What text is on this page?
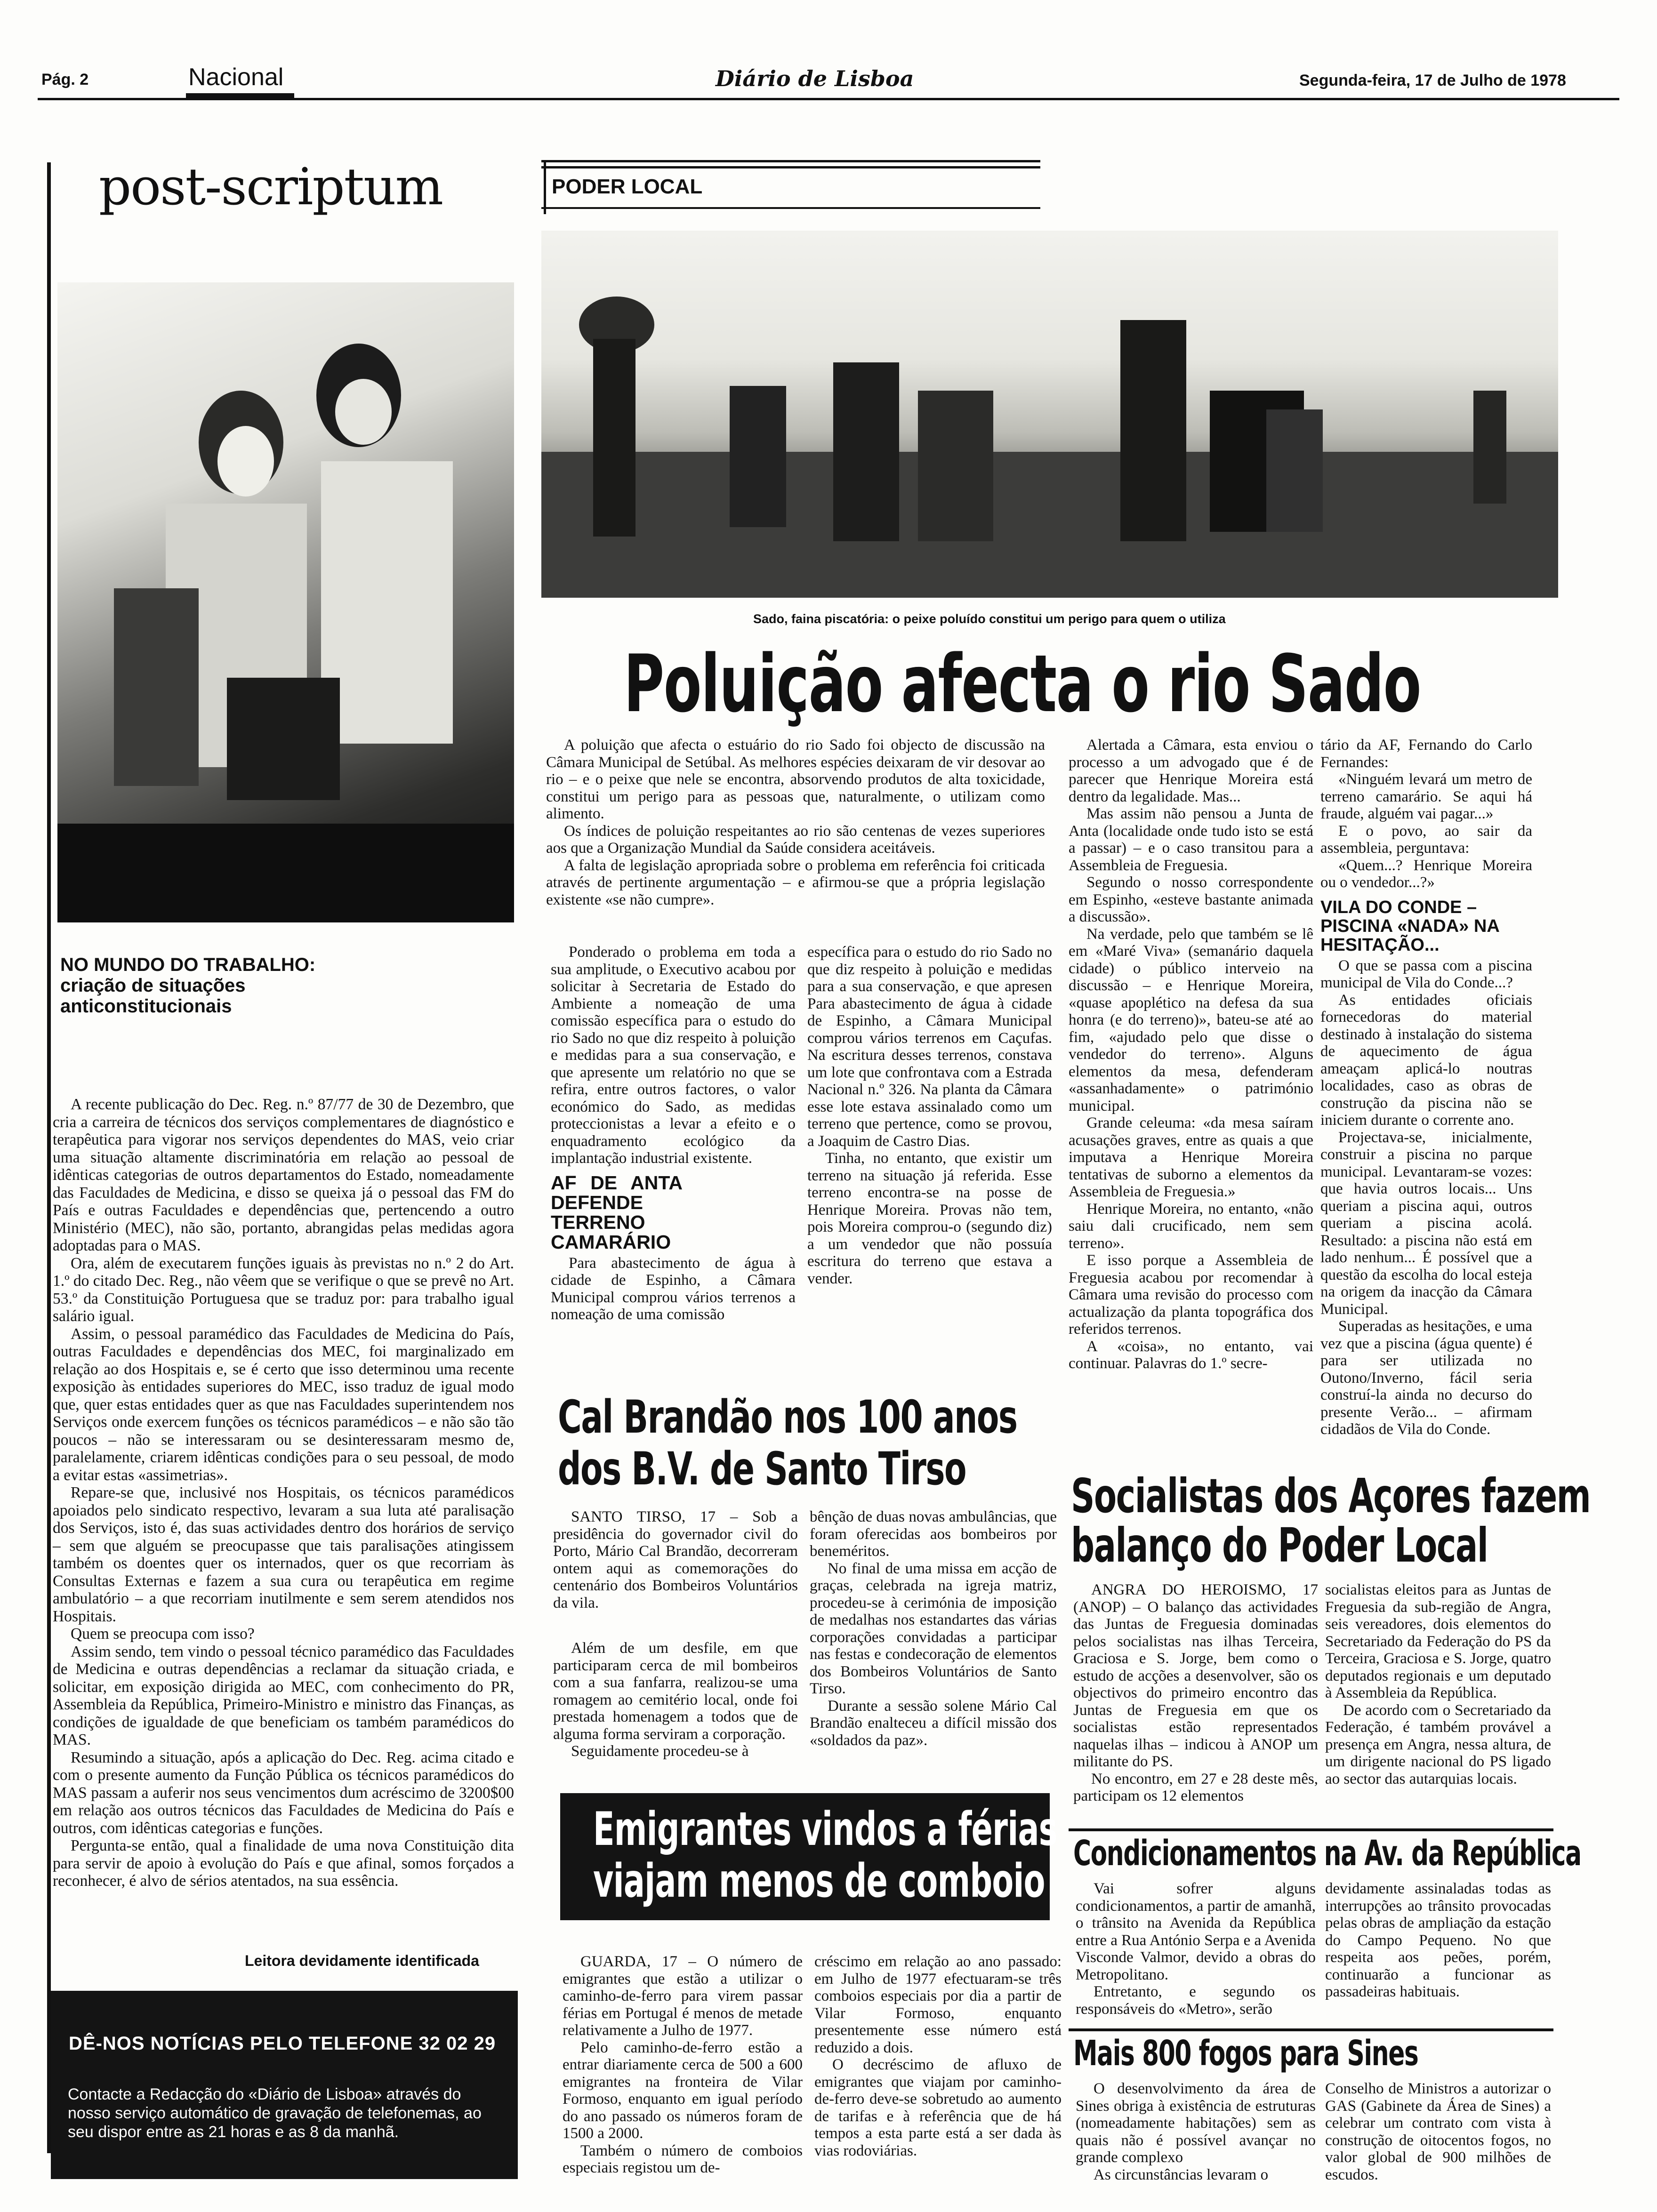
Pág. 2	Nacional	Diário de Lisboa	Segunda-feira, 17 de Julho de 1978
post-scriptum
NO MUNDO DO TRABALHO:
criação de situações anticonstitucionais

A recente publicação do Dec. Reg. n.º 87/77 de 30 de Dezembro, que cria a carreira de técnicos dos serviços complementares de diagnóstico e terapêutica para vigorar nos serviços dependentes do MAS, veio criar uma situação altamente discriminatória em relação ao pessoal de idênticas categorias de outros departamentos do Estado, nomeadamente das Faculdades de Medicina, e disso se queixa já o pessoal das FM do País e outras Faculdades e dependências que, pertencendo a outro Ministério (MEC), não são, portanto, abrangidas pelas medidas agora adoptadas para o MAS.

Ora, além de executarem funções iguais às previstas no n.º 2 do Art. 1.º do citado Dec. Reg., não vêem que se verifique o que se prevê no Art. 53.º da Constituição Portuguesa que se traduz por: para trabalho igual salário igual.

Assim, o pessoal paramédico das Faculdades de Medicina do País, outras Faculdades e dependências dos MEC, foi marginalizado em relação ao dos Hospitais e, se é certo que isso determinou uma recente exposição às entidades superiores do MEC, isso traduz de igual modo que, quer estas entidades quer as que nas Faculdades superintendem nos Serviços onde exercem funções os técnicos paramédicos – e não são tão poucos – não se interessaram ou se desinteressaram mesmo de, paralelamente, criarem idênticas condições para o seu pessoal, de modo a evitar estas «assimetrias».

Repare-se que, inclusivé nos Hospitais, os técnicos paramédicos apoiados pelo sindicato respectivo, levaram a sua luta até paralisação dos Serviços, isto é, das suas actividades dentro dos horários de serviço – sem que alguém se preocupasse que tais paralisações atingissem também os doentes quer os internados, quer os que recorriam às Consultas Externas e fazem a sua cura ou terapêutica em regime ambulatório – a que recorriam inutilmente e sem serem atendidos nos Hospitais.

Quem se preocupa com isso?

Assim sendo, tem vindo o pessoal técnico paramédico das Faculdades de Medicina e outras dependências a reclamar da situação criada, e solicitar, em exposição dirigida ao MEC, com conhecimento do PR, Assembleia da República, Primeiro-Ministro e ministro das Finanças, as condições de igualdade de que beneficiam os também paramédicos do MAS.

Resumindo a situação, após a aplicação do Dec. Reg. acima citado e com o presente aumento da Função Pública os técnicos paramédicos do MAS passam a auferir nos seus vencimentos dum acréscimo de 3200$00 em relação aos outros técnicos das Faculdades de Medicina do País e outros, com idênticas categorias e funções.

Pergunta-se então, qual a finalidade de uma nova Constituição dita para servir de apoio à evolução do País e que afinal, somos forçados a reconhecer, é alvo de sérios atentados, na sua essência.

Leitora devidamente identificada
DÊ-NOS NOTÍCIAS PELO TELEFONE 32 02 29
Contacte a Redacção do «Diário de Lisboa» através do nosso serviço automático de gravação de telefonemas, ao seu dispor entre as 21 horas e as 8 da manhã.
PODER LOCAL
Sado, faina piscatória: o peixe poluído constitui um perigo para quem o utiliza
Poluição afecta o rio Sado

A poluição que afecta o estuário do rio Sado foi objecto de discussão na Câmara Municipal de Setúbal. As melhores espécies deixaram de vir desovar ao rio – e o peixe que nele se encontra, absorvendo produtos de alta toxicidade, constitui um perigo para as pessoas que, naturalmente, o utilizam como alimento.

Os índices de poluição respeitantes ao rio são centenas de vezes superiores aos que a Organização Mundial da Saúde considera aceitáveis.

A falta de legislação apropriada sobre o problema em referência foi criticada através de pertinente argumentação – e afirmou-se que a própria legislação existente «se não cumpre».

Ponderado o problema em toda a sua amplitude, o Executivo acabou por solicitar à Secretaria de Estado do Ambiente a nomeação de uma comissão específica para o estudo do rio Sado no que diz respeito à poluição e medidas para a sua conservação, e que apresente um relatório no que se refira, entre outros factores, o valor económico do Sado, as medidas proteccionistas a levar a efeito e o enquadramento ecológico da implantação industrial existente.

AF DE ANTA DEFENDE TERRENO CAMARÁRIO

Para abastecimento de água à cidade de Espinho, a Câmara Municipal comprou vários terrenos a nomeação de uma comissão

específica para o estudo do rio Sado no que diz respeito à poluição e medidas para a sua conservação, e que apresen Para abastecimento de água à cidade de Espinho, a Câmara Municipal comprou vários terrenos em Caçufas. Na escritura desses terrenos, constava um lote que confrontava com a Estrada Nacional n.º 326. Na planta da Câmara esse lote estava assinalado como um terreno que pertence, como se provou, a Joaquim de Castro Dias.

Tinha, no entanto, que existir um terreno na situação já referida. Esse terreno encontra-se na posse de Henrique Moreira. Provas não tem, pois Moreira comprou-o (segundo diz) a um vendedor que não possuía escritura do terreno que estava a vender.

Alertada a Câmara, esta enviou o processo a um advogado que é de parecer que Henrique Moreira está dentro da legalidade. Mas...

Mas assim não pensou a Junta de Anta (localidade onde tudo isto se está a passar) – e o caso transitou para a Assembleia de Freguesia.

Segundo o nosso correspondente em Espinho, «esteve bastante animada a discussão».

Na verdade, pelo que também se lê em «Maré Viva» (semanário daquela cidade) o público interveio na discussão – e Henrique Moreira, «quase apoplético na defesa da sua honra (e do terreno)», bateu-se até ao fim, «ajudado pelo que disse o vendedor do terreno». Alguns elementos da mesa, defenderam «assanhadamente» o património municipal.

Grande celeuma: «da mesa saíram acusações graves, entre as quais a que imputava a Henrique Moreira tentativas de suborno a elementos da Assembleia de Freguesia.»

Henrique Moreira, no entanto, «não saiu dali crucificado, nem sem terreno».

E isso porque a Assembleia de Freguesia acabou por recomendar à Câmara uma revisão do processo com actualização da planta topográfica dos referidos terrenos.

A «coisa», no entanto, vai continuar. Palavras do 1.º secre-

tário da AF, Fernando do Carlo Fernandes:

«Ninguém levará um metro de terreno camarário. Se aqui há fraude, alguém vai pagar...»

E o povo, ao sair da assembleia, perguntava:

«Quem...? Henrique Moreira ou o vendedor...?»

VILA DO CONDE – PISCINA «NADA» NA HESITAÇÃO...

O que se passa com a piscina municipal de Vila do Conde...?

As entidades oficiais fornecedoras do material destinado à instalação do sistema de aquecimento de água ameaçam aplicá-lo noutras localidades, caso as obras de construção da piscina não se iniciem durante o corrente ano.

Projectava-se, inicialmente, construir a piscina no parque municipal. Levantaram-se vozes: que havia outros locais... Uns queriam a piscina aqui, outros queriam a piscina acolá. Resultado: a piscina não está em lado nenhum... É possível que a questão da escolha do local esteja na origem da inacção da Câmara Municipal.

Superadas as hesitações, e uma vez que a piscina (água quente) é para ser utilizada no Outono/Inverno, fácil seria construí-la ainda no decurso do presente Verão... – afirmam cidadãos de Vila do Conde.

Cal Brandão nos 100 anos
dos B.V. de Santo Tirso

SANTO TIRSO, 17 – Sob a presidência do governador civil do Porto, Mário Cal Brandão, decorreram ontem aqui as comemorações do centenário dos Bombeiros Voluntários da vila.

Além de um desfile, em que participaram cerca de mil bombeiros com a sua fanfarra, realizou-se uma romagem ao cemitério local, onde foi prestada homenagem a todos que de alguma forma serviram a corporação.

Seguidamente procedeu-se à

bênção de duas novas ambulâncias, que foram oferecidas aos bombeiros por beneméritos.

No final de uma missa em acção de graças, celebrada na igreja matriz, procedeu-se à cerimónia de imposição de medalhas nos estandartes das várias corporações convidadas a participar nas festas e condecoração de elementos dos Bombeiros Voluntários de Santo Tirso.

Durante a sessão solene Mário Cal Brandão enalteceu a difícil missão dos «soldados da paz».

Emigrantes vindos a férias
viajam menos de comboio

GUARDA, 17 – O número de emigrantes que estão a utilizar o caminho-de-ferro para virem passar férias em Portugal é menos de metade relativamente a Julho de 1977.

Pelo caminho-de-ferro estão a entrar diariamente cerca de 500 a 600 emigrantes na fronteira de Vilar Formoso, enquanto em igual período do ano passado os números foram de 1500 a 2000.

Também o número de comboios especiais registou um de-

créscimo em relação ao ano passado: em Julho de 1977 efectuaram-se três comboios especiais por dia a partir de Vilar Formoso, enquanto presentemente esse número está reduzido a dois.

O decréscimo de afluxo de emigrantes que viajam por caminho-de-ferro deve-se sobretudo ao aumento de tarifas e à referência que de há tempos a esta parte está a ser dada às vias rodoviárias.

Socialistas dos Açores fazem
balanço do Poder Local

ANGRA DO HEROISMO, 17 (ANOP) – O balanço das actividades das Juntas de Freguesia dominadas pelos socialistas nas ilhas Terceira, Graciosa e S. Jorge, bem como o estudo de acções a desenvolver, são os objectivos do primeiro encontro das Juntas de Freguesia em que os socialistas estão representados naquelas ilhas – indicou à ANOP um militante do PS.

No encontro, em 27 e 28 deste mês, participam os 12 elementos

socialistas eleitos para as Juntas de Freguesia da sub-região de Angra, seis vereadores, dois elementos do Secretariado da Federação do PS da Terceira, Graciosa e S. Jorge, quatro deputados regionais e um deputado à Assembleia da República.

De acordo com o Secretariado da Federação, é também provável a presença em Angra, nessa altura, de um dirigente nacional do PS ligado ao sector das autarquias locais.

Condicionamentos na Av. da República

Vai sofrer alguns condicionamentos, a partir de amanhã, o trânsito na Avenida da República entre a Rua António Serpa e a Avenida Visconde Valmor, devido a obras do Metropolitano.

Entretanto, e segundo os responsáveis do «Metro», serão

devidamente assinaladas todas as interrupções ao trânsito provocadas pelas obras de ampliação da estação do Campo Pequeno. No que respeita aos peões, porém, continuarão a funcionar as passadeiras habituais.

Mais 800 fogos para Sines

O desenvolvimento da área de Sines obriga à existência de estruturas (nomeadamente habitações) sem as quais não é possível avançar no grande complexo

As circunstâncias levaram o

Conselho de Ministros a autorizar o GAS (Gabinete da Área de Sines) a celebrar um contrato com vista à construção de oitocentos fogos, no valor global de 900 milhões de escudos.
